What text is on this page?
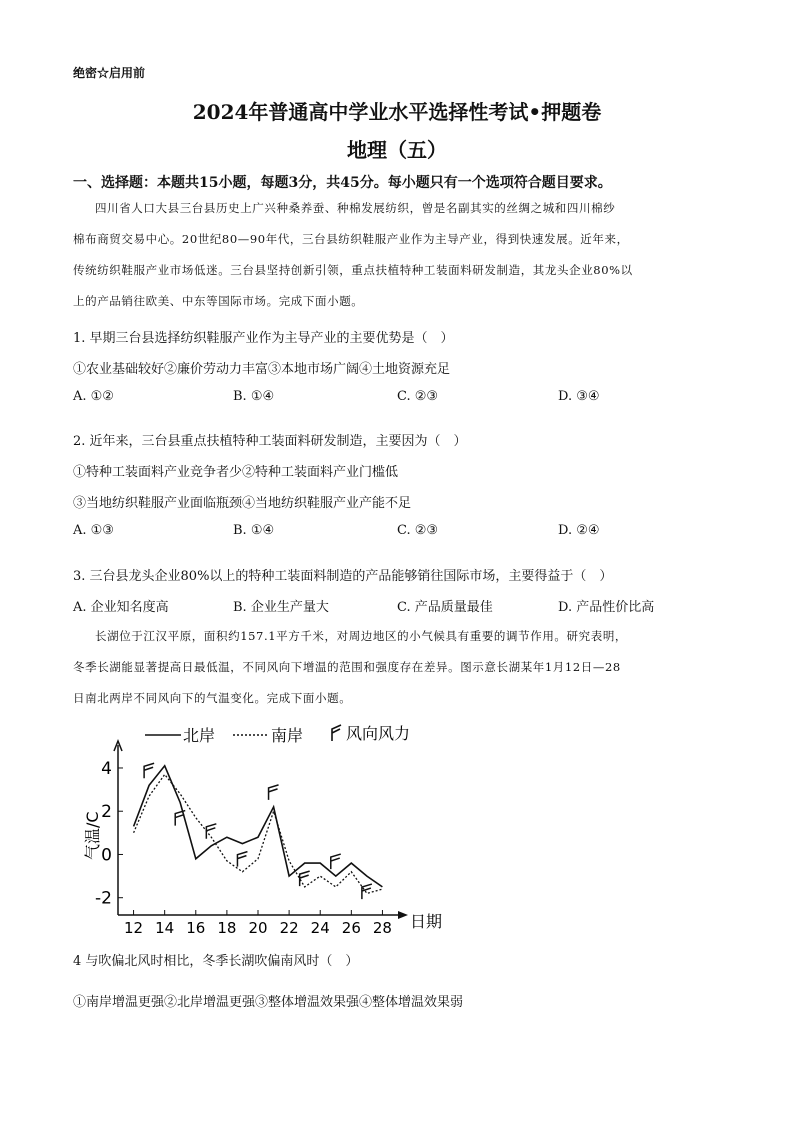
绝密☆启用前
2024年普通高中学业水平选择性考试•押题卷
地理（五）
一、选择题：本题共15小题，每题3分，共45分。每小题只有一个选项符合题目要求。
四川省人口大县三台县历史上广兴种桑养蚕、种棉发展纺织，曾是名副其实的丝绸之城和四川棉纱
棉布商贸交易中心。20世纪80—90年代，三台县纺织鞋服产业作为主导产业，得到快速发展。近年来，
传统纺织鞋服产业市场低迷。三台县坚持创新引领，重点扶植特种工装面料研发制造，其龙头企业80%以
上的产品销往欧美、中东等国际市场。完成下面小题。
1. 早期三台县选择纺织鞋服产业作为主导产业的主要优势是（　）
①农业基础较好②廉价劳动力丰富③本地市场广阔④土地资源充足
A. ①②	B. ①④	C. ②③	D. ③④
2. 近年来，三台县重点扶植特种工装面料研发制造，主要因为（　）
①特种工装面料产业竞争者少②特种工装面料产业门槛低
③当地纺织鞋服产业面临瓶颈④当地纺织鞋服产业产能不足
A. ①③	B. ①④	C. ②③	D. ②④
3. 三台县龙头企业80%以上的特种工装面料制造的产品能够销往国际市场，主要得益于（　）
A. 企业知名度高	B. 企业生产量大	C. 产品质量最佳	D. 产品性价比高
长湖位于江汉平原，面积约157.1平方千米，对周边地区的小气候具有重要的调节作用。研究表明，
冬季长湖能显著提高日最低温，不同风向下增温的范围和强度存在差异。图示意长湖某年1月12日—28
日南北两岸不同风向下的气温变化。完成下面小题。
北岸	南岸	风向风力
气温/C
日期
4
2
0
-2
12 14 16 18 20 22 24 26 28
4 与吹偏北风时相比，冬季长湖吹偏南风时（　）
①南岸增温更强②北岸增温更强③整体增温效果强④整体增温效果弱
